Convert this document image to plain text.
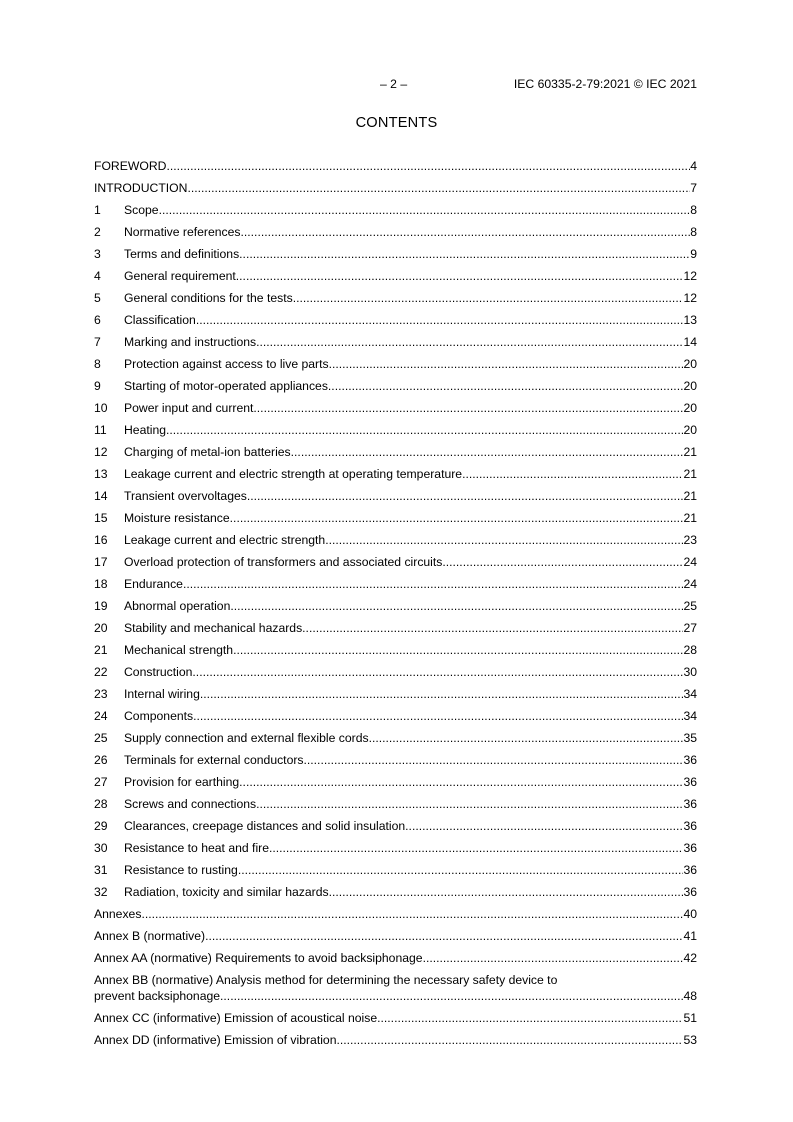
– 2 –	IEC 60335-2-79:2021 © IEC 2021
CONTENTS
FOREWORD .....	4
INTRODUCTION .....	7
1	Scope .....	8
2	Normative references .....	8
3	Terms and definitions .....	9
4	General requirement .....	12
5	General conditions for the tests .....	12
6	Classification .....	13
7	Marking and instructions .....	14
8	Protection against access to live parts .....	20
9	Starting of motor-operated appliances .....	20
10	Power input and current .....	20
11	Heating .....	20
12	Charging of metal-ion batteries .....	21
13	Leakage current and electric strength at operating temperature .....	21
14	Transient overvoltages .....	21
15	Moisture resistance .....	21
16	Leakage current and electric strength .....	23
17	Overload protection of transformers and associated circuits .....	24
18	Endurance .....	24
19	Abnormal operation .....	25
20	Stability and mechanical hazards .....	27
21	Mechanical strength .....	28
22	Construction .....	30
23	Internal wiring .....	34
24	Components .....	34
25	Supply connection and external flexible cords .....	35
26	Terminals for external conductors .....	36
27	Provision for earthing .....	36
28	Screws and connections .....	36
29	Clearances, creepage distances and solid insulation .....	36
30	Resistance to heat and fire .....	36
31	Resistance to rusting .....	36
32	Radiation, toxicity and similar hazards .....	36
Annexes .....	40
Annex B (normative) .....	41
Annex AA (normative) Requirements to avoid backsiphonage .....	42
Annex BB (normative) Analysis method for determining the necessary safety device to
prevent backsiphonage .....	48
Annex CC (informative) Emission of acoustical noise .....	51
Annex DD (informative) Emission of vibration .....	53
